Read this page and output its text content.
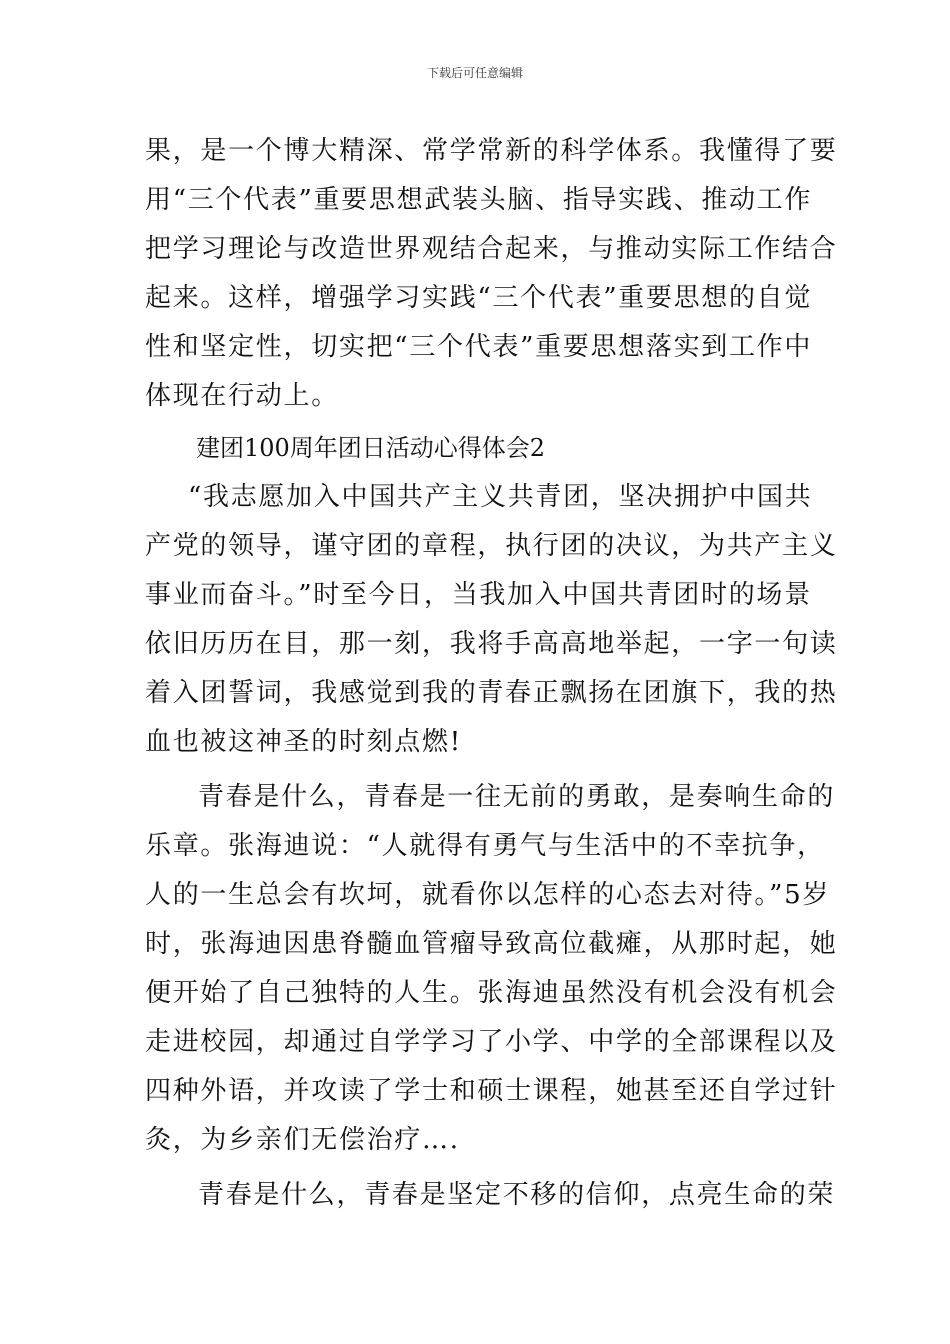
下载后可任意编辑
果，是一个博大精深、常学常新的科学体系。我懂得了要
用“三个代表”重要思想武装头脑、指导实践、推动工作
把学习理论与改造世界观结合起来，与推动实际工作结合
起来。这样，增强学习实践“三个代表”重要思想的自觉
性和坚定性，切实把“三个代表”重要思想落实到工作中
体现在行动上。
建团100周年团日活动心得体会2
“我志愿加入中国共产主义共青团，坚决拥护中国共
产党的领导，谨守团的章程，执行团的决议，为共产主义
事业而奋斗。”时至今日，当我加入中国共青团时的场景
依旧历历在目，那一刻，我将手高高地举起，一字一句读
着入团誓词，我感觉到我的青春正飘扬在团旗下，我的热
血也被这神圣的时刻点燃!
青春是什么，青春是一往无前的勇敢，是奏响生命的
乐章。张海迪说：“人就得有勇气与生活中的不幸抗争，
人的一生总会有坎坷，就看你以怎样的心态去对待。”5岁
时，张海迪因患脊髓血管瘤导致高位截瘫，从那时起，她
便开始了自己独特的人生。张海迪虽然没有机会没有机会
走进校园，却通过自学学习了小学、中学的全部课程以及
四种外语，并攻读了学士和硕士课程，她甚至还自学过针
灸，为乡亲们无偿治疗….
青春是什么，青春是坚定不移的信仰，点亮生命的荣
